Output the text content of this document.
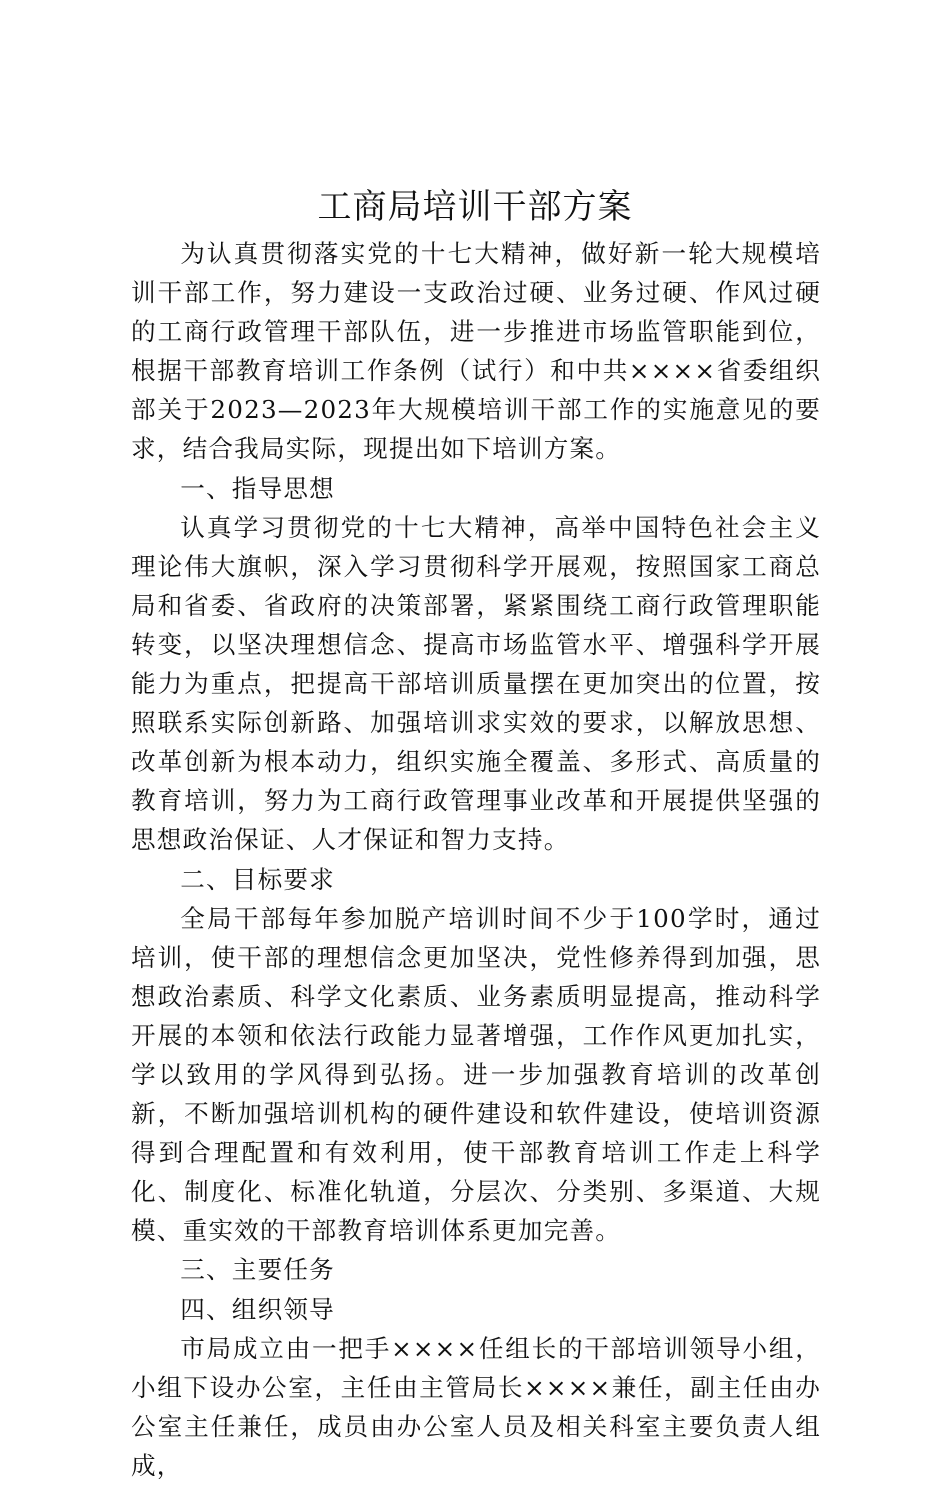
工商局培训干部方案

为认真贯彻落实党的十七大精神，做好新一轮大规模培训干部工作，努力建设一支政治过硬、业务过硬、作风过硬的工商行政管理干部队伍，进一步推进市场监管职能到位，根据干部教育培训工作条例（试行）和中共××××省委组织部关于2023—2023年大规模培训干部工作的实施意见的要求，结合我局实际，现提出如下培训方案。

一、指导思想

认真学习贯彻党的十七大精神，高举中国特色社会主义理论伟大旗帜，深入学习贯彻科学开展观，按照国家工商总局和省委、省政府的决策部署，紧紧围绕工商行政管理职能转变，以坚决理想信念、提高市场监管水平、增强科学开展能力为重点，把提高干部培训质量摆在更加突出的位置，按照联系实际创新路、加强培训求实效的要求，以解放思想、改革创新为根本动力，组织实施全覆盖、多形式、高质量的教育培训，努力为工商行政管理事业改革和开展提供坚强的思想政治保证、人才保证和智力支持。

二、目标要求

全局干部每年参加脱产培训时间不少于100学时，通过培训，使干部的理想信念更加坚决，党性修养得到加强，思想政治素质、科学文化素质、业务素质明显提高，推动科学开展的本领和依法行政能力显著增强，工作作风更加扎实，学以致用的学风得到弘扬。进一步加强教育培训的改革创新，不断加强培训机构的硬件建设和软件建设，使培训资源得到合理配置和有效利用，使干部教育培训工作走上科学化、制度化、标准化轨道，分层次、分类别、多渠道、大规模、重实效的干部教育培训体系更加完善。

三、主要任务

四、组织领导

市局成立由一把手××××任组长的干部培训领导小组，小组下设办公室，主任由主管局长××××兼任，副主任由办公室主任兼任，成员由办公室人员及相关科室主要负责人组成，
